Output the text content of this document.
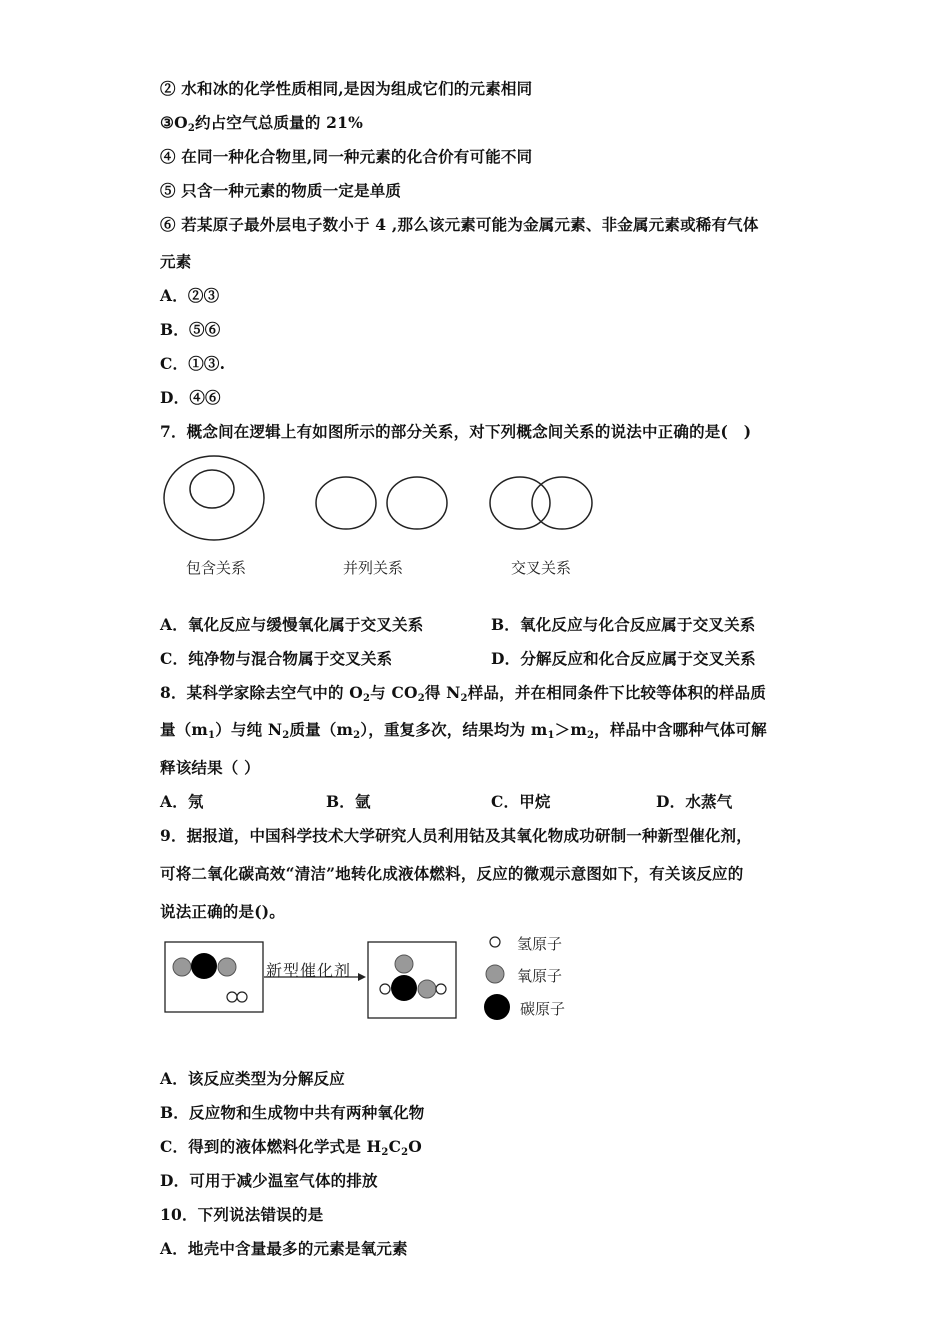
② 水和冰的化学性质相同,是因为组成它们的元素相同
$③O_2$约占空气总质量的 21%
④ 在同一种化合物里,同一种元素的化合价有可能不同
⑤ 只含一种元素的物质一定是单质
⑥ 若某原子最外层电子数小于 4 ,那么该元素可能为金属元素、非金属元素或稀有气体
元素
A．②③
B．⑤⑥
C．①③.
D．④⑥
7．概念间在逻辑上有如图所示的部分关系，对下列概念间关系的说法中正确的是(　)
包含关系	并列关系	交叉关系
A．氧化反应与缓慢氧化属于交叉关系	B．氧化反应与化合反应属于交叉关系
C．纯净物与混合物属于交叉关系	D．分解反应和化合反应属于交叉关系
8．某科学家除去空气中的 $O_2$与 $CO_2$得 $N_2$样品，并在相同条件下比较等体积的样品质
量$(m_1)$与纯 $N_2$质量$(m_2)$，重复多次，结果均为 $m_1>m_2$，样品中含哪种气体可解
释该结果（ ）
A．氖	B．氩	C．甲烷	D．水蒸气
9．据报道，中国科学技术大学研究人员利用钴及其氧化物成功研制一种新型催化剂，
可将二氧化碳高效“清洁”地转化成液体燃料，反应的微观示意图如下，有关该反应的
说法正确的是()。
新型催化剂
氢原子
氧原子
碳原子
A．该反应类型为分解反应
B．反应物和生成物中共有两种氧化物
C．得到的液体燃料化学式是 $H_2C_2O$
D．可用于减少温室气体的排放
10．下列说法错误的是
A．地壳中含量最多的元素是氧元素
